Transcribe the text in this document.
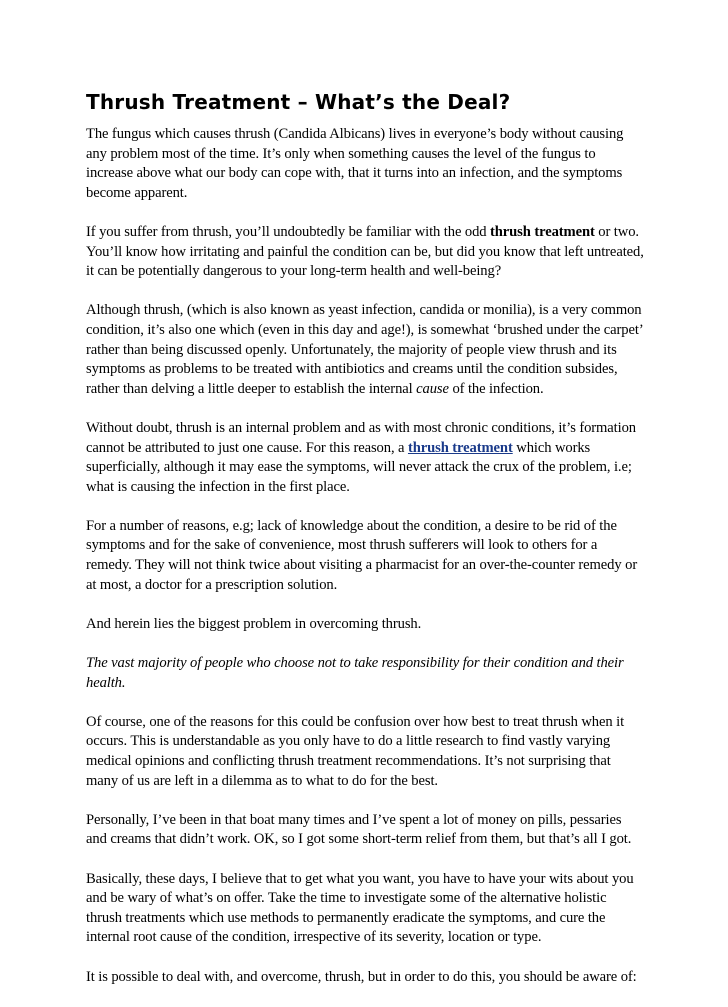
Thrush Treatment – What’s the Deal?

The fungus which causes thrush (Candida Albicans) lives in everyone’s body without causing
any problem most of the time. It’s only when something causes the level of the fungus to
increase above what our body can cope with, that it turns into an infection, and the symptoms
become apparent.

If you suffer from thrush, you’ll undoubtedly be familiar with the odd thrush treatment or two.
You’ll know how irritating and painful the condition can be, but did you know that left untreated,
it can be potentially dangerous to your long-term health and well-being?

Although thrush, (which is also known as yeast infection, candida or monilia), is a very common
condition, it’s also one which (even in this day and age!), is somewhat ‘brushed under the carpet’
rather than being discussed openly. Unfortunately, the majority of people view thrush and its
symptoms as problems to be treated with antibiotics and creams until the condition subsides,
rather than delving a little deeper to establish the internal cause of the infection.

Without doubt, thrush is an internal problem and as with most chronic conditions, it’s formation
cannot be attributed to just one cause. For this reason, a thrush treatment which works
superficially, although it may ease the symptoms, will never attack the crux of the problem, i.e;
what is causing the infection in the first place.

For a number of reasons, e.g; lack of knowledge about the condition, a desire to be rid of the
symptoms and for the sake of convenience, most thrush sufferers will look to others for a
remedy. They will not think twice about visiting a pharmacist for an over-the-counter remedy or
at most, a doctor for a prescription solution.

And herein lies the biggest problem in overcoming thrush.

The vast majority of people who choose not to take responsibility for their condition and their
health.

Of course, one of the reasons for this could be confusion over how best to treat thrush when it
occurs. This is understandable as you only have to do a little research to find vastly varying
medical opinions and conflicting thrush treatment recommendations. It’s not surprising that
many of us are left in a dilemma as to what to do for the best.

Personally, I’ve been in that boat many times and I’ve spent a lot of money on pills, pessaries
and creams that didn’t work. OK, so I got some short-term relief from them, but that’s all I got.

Basically, these days, I believe that to get what you want, you have to have your wits about you
and be wary of what’s on offer. Take the time to investigate some of the alternative holistic
thrush treatments which use methods to permanently eradicate the symptoms, and cure the
internal root cause of the condition, irrespective of its severity, location or type.

It is possible to deal with, and overcome, thrush, but in order to do this, you should be aware of:
